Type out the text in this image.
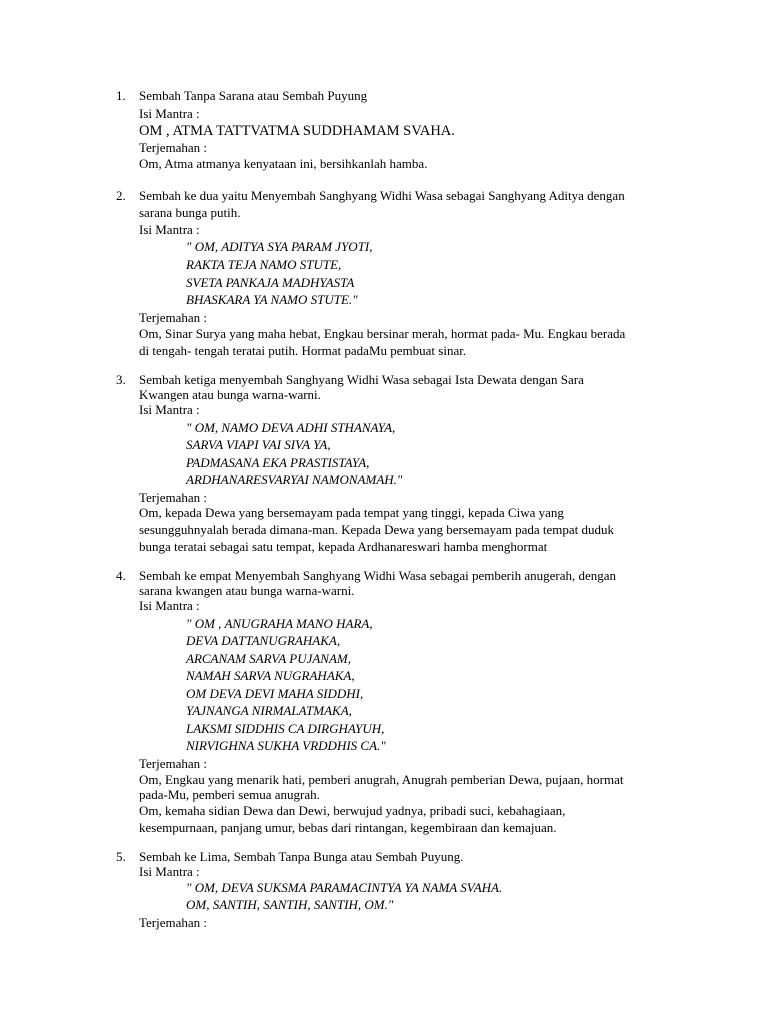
1. Sembah Tanpa Sarana atau Sembah Puyung
Isi Mantra :
OM , ATMA TATTVATMA SUDDHAMAM SVAHA.
Terjemahan :
Om, Atma atmanya kenyataan ini, bersihkanlah hamba.
2. Sembah ke dua yaitu Menyembah Sanghyang Widhi Wasa sebagai Sanghyang Aditya dengan
sarana bunga putih.
Isi Mantra :
" OM, ADITYA SYA PARAM JYOTI,
RAKTA TEJA NAMO STUTE,
SVETA PANKAJA MADHYASTA
BHASKARA YA NAMO STUTE."
Terjemahan :
Om, Sinar Surya yang maha hebat, Engkau bersinar merah, hormat pada- Mu. Engkau berada
di tengah- tengah teratai putih. Hormat padaMu pembuat sinar.
3. Sembah ketiga menyembah Sanghyang Widhi Wasa sebagai Ista Dewata dengan Sara
Kwangen atau bunga warna-warni.
Isi Mantra :
" OM, NAMO DEVA ADHI STHANAYA,
SARVA VIAPI VAI SIVA YA,
PADMASANA EKA PRASTISTAYA,
ARDHANARESVARYAI NAMONAMAH."
Terjemahan :
Om, kepada Dewa yang bersemayam pada tempat yang tinggi, kepada Ciwa yang
sesungguhnyalah berada dimana-man. Kepada Dewa yang bersemayam pada tempat duduk
bunga teratai sebagai satu tempat, kepada Ardhanareswari hamba menghormat
4. Sembah ke empat Menyembah Sanghyang Widhi Wasa sebagai pemberih anugerah, dengan
sarana kwangen atau bunga warna-warni.
Isi Mantra :
" OM , ANUGRAHA MANO HARA,
DEVA DATTANUGRAHAKA,
ARCANAM SARVA PUJANAM,
NAMAH SARVA NUGRAHAKA,
OM DEVA DEVI MAHA SIDDHI,
YAJNANGA NIRMALATMAKA,
LAKSMI SIDDHIS CA DIRGHAYUH,
NIRVIGHNA SUKHA VRDDHIS CA."
Terjemahan :
Om, Engkau yang menarik hati, pemberi anugrah, Anugrah pemberian Dewa, pujaan, hormat
pada-Mu, pemberi semua anugrah.
Om, kemaha sidian Dewa dan Dewi, berwujud yadnya, pribadi suci, kebahagiaan,
kesempurnaan, panjang umur, bebas dari rintangan, kegembiraan dan kemajuan.
5. Sembah ke Lima, Sembah Tanpa Bunga atau Sembah Puyung.
Isi Mantra :
" OM, DEVA SUKSMA PARAMACINTYA YA NAMA SVAHA.
OM, SANTIH, SANTIH, SANTIH, OM."
Terjemahan :
